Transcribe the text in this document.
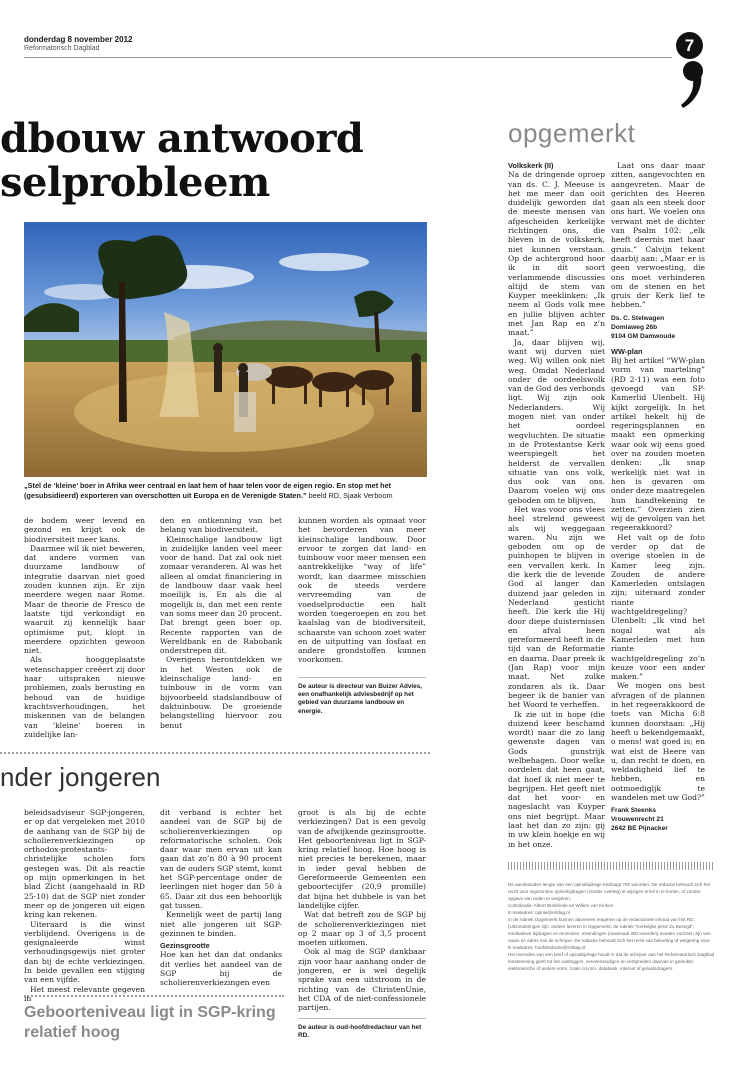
donderdag 8 november 2012
Reformatorisch Dagblad	7
dbouw antwoord
selprobleem
opgemerkt
„Stel de ‘kleine’ boer in Afrika weer centraal en laat hem of haar telen voor de eigen regio. En stop met het (gesubsidieerd) exporteren van overschotten uit Europa en de Verenigde Staten.” beeld RD, Sjaak Verboom

de bodem weer levend en gezond en krijgt ook de biodiversiteit meer kans.

Daarmee wil ik niet beweren, dat andere vormen van duurzame landbouw of integratie daarvan niet goed zouden kunnen zijn. Er zijn meerdere wegen naar Rome. Maar de theorie de Fresco de laatste tijd verkondigt en waaruit zij kennelijk haar optimisme put, klopt in meerdere opzichten gewoon niet.

Als hooggeplaatste wetenschapper creëert zij door haar uitspraken nieuwe problemen, zoals berusting en behoud van de huidige krachtsverhoudingen, het miskennen van de belangen van ‘kleine’ boeren in zuidelijke lan-

den en ontkenning van het belang van biodiversiteit.

Kleinschalige landbouw ligt in zuidelijke landen veel meer voor de hand. Dat zal ook niet zomaar veranderen. Al was het alleen al omdat financiering in de landbouw daar vaak heel moeilijk is. En als die al mogelijk is, dan met een rente van soms meer dan 20 procent. Dat brengt geen boer op. Recente rapporten van de Wereldbank en de Rabobank onderstrepen dit.

Overigens herontdekken we in het Westen ook de kleinschalige land- en tuinbouw in de vorm van bijvoorbeeld stadslandbouw of daktuinbouw. De groeiende belangstelling hiervoor zou benut

kunnen worden als opmaat voor het bevorderen van meer kleinschalige landbouw. Door ervoor te zorgen dat land- en tuinbouw voor meer mensen een aantrekkelijke “way of life” wordt, kan daarmee misschien ook de steeds verdere vervreemding van de voedselproductie een halt worden toegeroepen en zou het kaalslag van de biodiversiteit, schaarste van schoon zoet water en de uitputting van fosfaat en andere grondstoffen kunnen voorkomen.

De auteur is directeur van Buizer Advies, een onafhankelijk adviesbedrijf op het gebied van duurzame landbouw en energie.
nder jongeren

beleidsadviseur SGP-jongeren, er op dat vergeleken met 2010 de aanhang van de SGP bij de scholierenverkiezingen op orthodox-protestants-christelijke scholen fors gestegen was. Dit als reactie op mijn opmerkingen in het blad Zicht (aangehaald in RD 25-10) dat de SGP niet zonder meer op de jongeren uit eigen kring kan rekenen.

Uiteraard is die winst verblijdend. Overigens is de gesignaleerde winst verhoudingsgewijs niet groter dan bij de echte verkiezingen. In beide gevallen een stijging van een vijfde.

Het meest relevante gegeven in

dit verband is echter het aandeel van de SGP bij de scholierenverkiezingen op reformatorische scholen. Ook daar waar men ervan uit kan gaan dat zo’n 80 à 90 procent van de ouders SGP stemt, komt het SGP-percentage onder de leerlingen niet hoger dan 50 à 65. Daar zit dus een behoorlijk gat tussen.

Kennelijk weet de partij lang niet alle jongeren uit SGP-gezinnen te binden.

Gezinsgrootte

Hoe kan het dan dat ondanks dit verlies het aandeel van de SGP bij de scholierenverkiezingen even

groot is als bij de echte verkiezingen? Dat is een gevolg van de afwijkende gezinsgrootte. Het geboorteniveau ligt in SGP-kring relatief hoog. Hoe hoog is niet precies te berekenen, maar in ieder geval hebben de Gereformeerde Gemeenten een geboortecijfer (20,9 promille) dat bijna het dubbele is van het landelijke cijfer.

Wat dat betreft zou de SGP bij de scholierenverkiezingen niet op 2 maar op 3 of 3,5 procent moeten uitkomen.

Ook al mag de SGP dankbaar zijn voor haar aanhang onder de jongeren, er is wel degelijk sprake van een uitstroom in de richting van de ChristenUnie, het CDA of de niet-confessionele partijen.

De auteur is oud-hoofdredacteur van het RD.
Geboorteniveau ligt in SGP-kring relatief hoog

Volkskerk (II)

Na de dringende oproep van ds. C. J. Meeuse is het me meer dan ooit duidelijk geworden dat de meeste mensen van afgescheiden kerkelijke richtingen ons, die bleven in de volkskerk, niet kunnen verstaan. Op de achtergrond hoor ik in dit soort verlammende discussies altijd de stem van Kuyper meeklinken: „Ik neem al Gods volk mee en jullie blijven achter met Jan Rap en z’n maat.”

Ja, daar blijven wij, want wij durven niet weg. Wij willen ook niet weg. Omdat Nederland onder de oordeelswolk van de God des verbonds ligt. Wij zijn ook Nederlanders. Wij mogen niet van onder het oordeel wegvluchten. De situatie in de Protestantse Kerk weerspiegelt het helderst de vervallen situatie van ons volk, dus ook van ons. Daarom voelen wij ons geboden om te blijven.

Het was voor ons vlees heel strelend geweest als wij weggegaan waren. Nu zijn we geboden om op de puinhopen te blijven in een vervallen kerk. In die kerk die de levende God al langer dan duizend jaar geleden in Nederland gesticht heeft. Die kerk die Hij door diepe duisternissen en afval heen gereformeerd heeft in de tijd van de Reformatie en daarna. Daar preek ik (Jan Rap) voor mijn maat. Net zulke zondaren als ik. Daar begeer ik de banier van het Woord te verheffen.

Ik zie uit in hope (die duizend keer beschamd wordt) naar die zo lang gewenste dagen van Gods gunstrijk welbehagen. Door welke oordelen dat heen gaat, dat hoef ik niet meer te begrijpen. Het geeft niet dat het voor- en nageslacht van Kuyper ons niet begrijpt. Maar laat het dan zo zijn: gij in uw klein hoekje en wij in het onze.

Laat ons daar maar zitten, aangevochten en aangevreten. Maar de gerichten des Heeren gaan als een steek door ons hart. We voelen ons verwant met de dichter van Psalm 102: „elk heeft deernis met haar gruis.” Calvijn tekent daarbij aan: „Maar er is geen verwoesting, die ons moet verhinderen om de stenen en het gruis der Kerk lief te hebben.”

Ds. C. Stelwagen

Domiaweg 26b

9104 GM Damwoude

WW-plan

Bij het artikel “WW-plan vorm van marteling” (RD 2-11) was een foto gevoegd van SP-Kamerlid Ulenbelt. Hij kijkt zorgelijk. In het artikel hekelt hij de regeringsplannen en maakt een opmerking waar ook wij eens goed over na zouden moeten denken: „Ik snap werkelijk niet wat in hen is gevaren om onder deze maatregelen hun handtekening te zetten.” Overzien zien wij de gevolgen van het regeerakkoord?

Het valt op de foto verder op dat de overige stoelen in de Kamer leeg zijn. Zouden de andere Kamerleden ontslagen zijn; uiteraard zonder riante wachtgeldregeling? Ulenbelt: „Ik vind het nogal wat als Kamerleden met hun riante wachtgeldregeling zo’n keuze voor een ander maken.”

We mogen ons best afvragen of de plannen in het regeerakkoord de toets van Micha 6:8 kunnen doorstaan: „Hij heeft u bekendgemaakt, o mens! wat goed is; en wat eist de Heere van u, dan recht te doen, en weldadigheid lief te hebben, en ootmoedigljk te wandelen met uw God?”

Frank Steenks

Vrouwenrecht 21

2642 BE Pijnacker

De aandewoden lengte van een opinabijdrage bedraagt 750 woorden. De redactie behoudt zich het recht voor ingezonden opiniebijdragen (zonder overleg) te wijzigen en/of in te korten, of zonder opgave van reden te weigeren.

Coördinatie: Albert Brinkhede en Willem van Kinken

E-mailadres: opinie@refdag.nl

In de rubriek Opgemerkt kunnen abonnees reageren op de redactionele inhoud van het RD. (Uitzonderingen zijn: andere lezeren in Opgemerkt, de rubriek “Kerkelijke pers/ Zo Bezegd”, meditatieve bijdragen en recensies. Inzendingen (maximaal 300 woorden) moeten voorzien zijn van naam en adres van de schrijver. De redactie behoudt zich het recht van bekorting of weigering voor.

E-mailadres: hoofdredactie@refdag.nl

Het inzenden van een brief of opinabijdrage houdt in dat de schrijver aan het Reformatorisch Dagblad toestemming geeft tot het vastleggen, verveelvoudigen en verspreiden daarvan in gedrukte, elektronische of andere vorm, zoals cd-rom, databank, internet of geluidsdragers.
